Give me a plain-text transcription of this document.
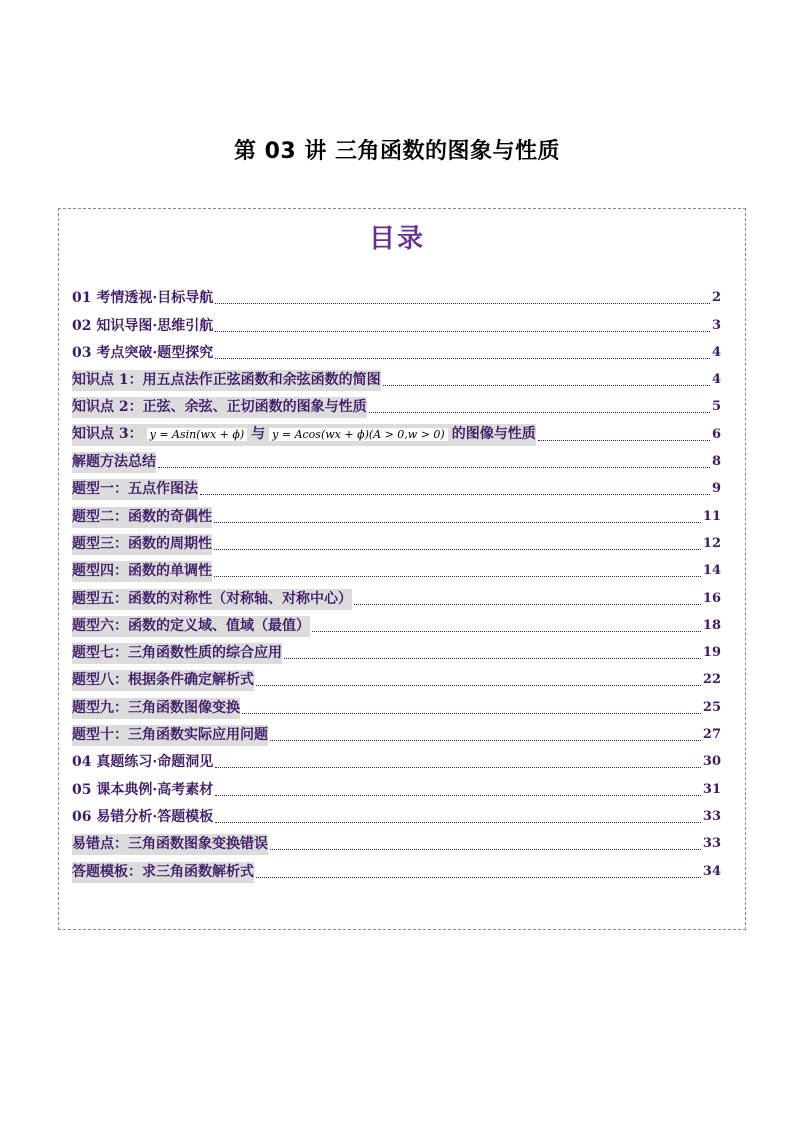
第 03 讲 三角函数的图象与性质
目录
01 考情透视·目标导航	2
02 知识导图·思维引航	3
03 考点突破·题型探究	4
知识点 1：用五点法作正弦函数和余弦函数的简图	4
知识点 2：正弦、余弦、正切函数的图象与性质	5
知识点 3： y = Asin(wx + ϕ) 与 y = Acos(wx + ϕ)(A > 0,w > 0) 的图像与性质	6
解题方法总结	8
题型一：五点作图法	9
题型二：函数的奇偶性	11
题型三：函数的周期性	12
题型四：函数的单调性	14
题型五：函数的对称性（对称轴、对称中心）	16
题型六：函数的定义域、值域（最值）	18
题型七：三角函数性质的综合应用	19
题型八：根据条件确定解析式	22
题型九：三角函数图像变换	25
题型十：三角函数实际应用问题	27
04 真题练习·命题洞见	30
05 课本典例·高考素材	31
06 易错分析·答题模板	33
易错点：三角函数图象变换错误	33
答题模板：求三角函数解析式	34
